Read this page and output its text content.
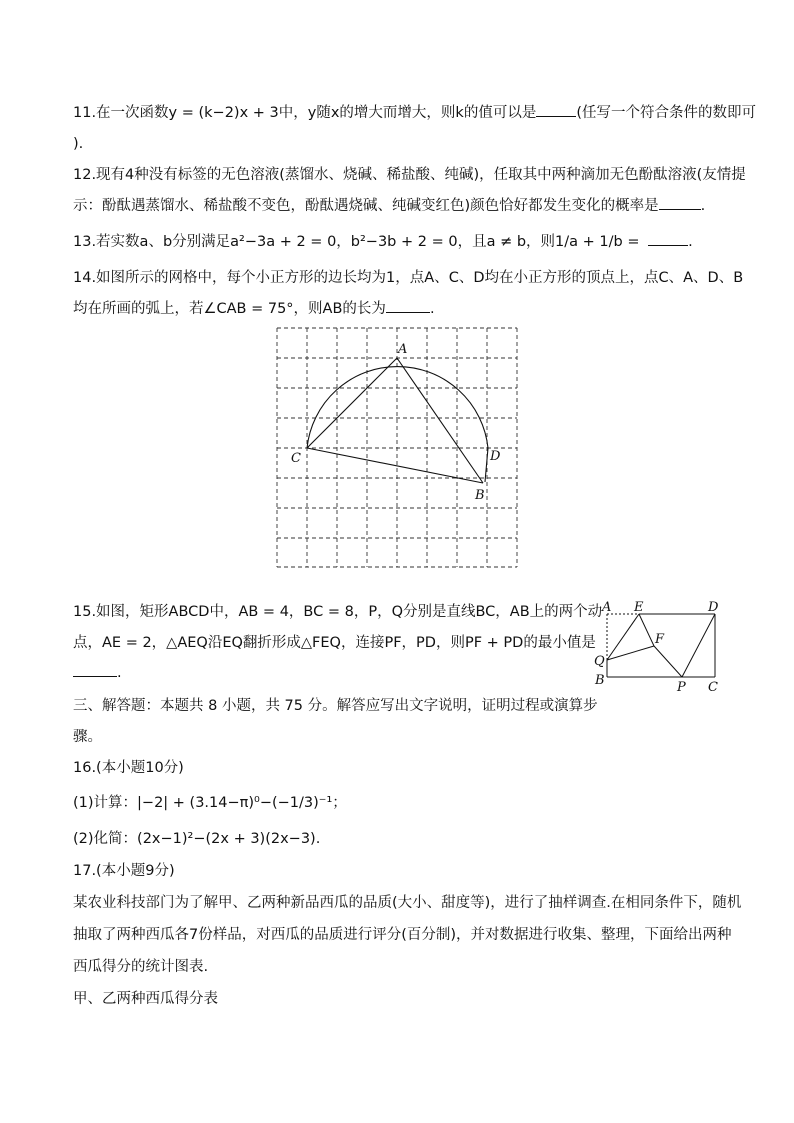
11.在一次函数y = (k−2)x + 3中，y随x的增大而增大，则k的值可以是	(任写一个符合条件的数即可
).
12.现有4种没有标签的无色溶液(蒸馏水、烧碱、稀盐酸、纯碱)，任取其中两种滴加无色酚酞溶液(友情提
示：酚酞遇蒸馏水、稀盐酸不变色，酚酞遇烧碱、纯碱变红色)颜色恰好都发生变化的概率是	.
13.若实数a、b分别满足a²−3a + 2 = 0，b²−3b + 2 = 0，且a ≠ b，则1/a + 1/b =	.
14.如图所示的网格中，每个小正方形的边长均为1，点A、C、D均在小正方形的顶点上，点C、A、D、B
均在所画的弧上，若∠CAB = 75°，则AB的长为	.
A
C	D
B
15.如图，矩形ABCD中，AB = 4，BC = 8，P，Q分别是直线BC，AB上的两个动
点，AE = 2，△AEQ沿EQ翻折形成△FEQ，连接PF，PD，则PF + PD的最小值是
.
A E	D
F
Q
B	P C
三、解答题：本题共 8 小题，共 75 分。解答应写出文字说明，证明过程或演算步
骤。
16.(本小题10分)
(1)计算：|−2| + (3.14−π)⁰−(−1/3)⁻¹；
(2)化简：(2x−1)²−(2x + 3)(2x−3).
17.(本小题9分)
某农业科技部门为了解甲、乙两种新品西瓜的品质(大小、甜度等)，进行了抽样调查.在相同条件下，随机
抽取了两种西瓜各7份样品，对西瓜的品质进行评分(百分制)，并对数据进行收集、整理，下面给出两种
西瓜得分的统计图表.
甲、乙两种西瓜得分表
